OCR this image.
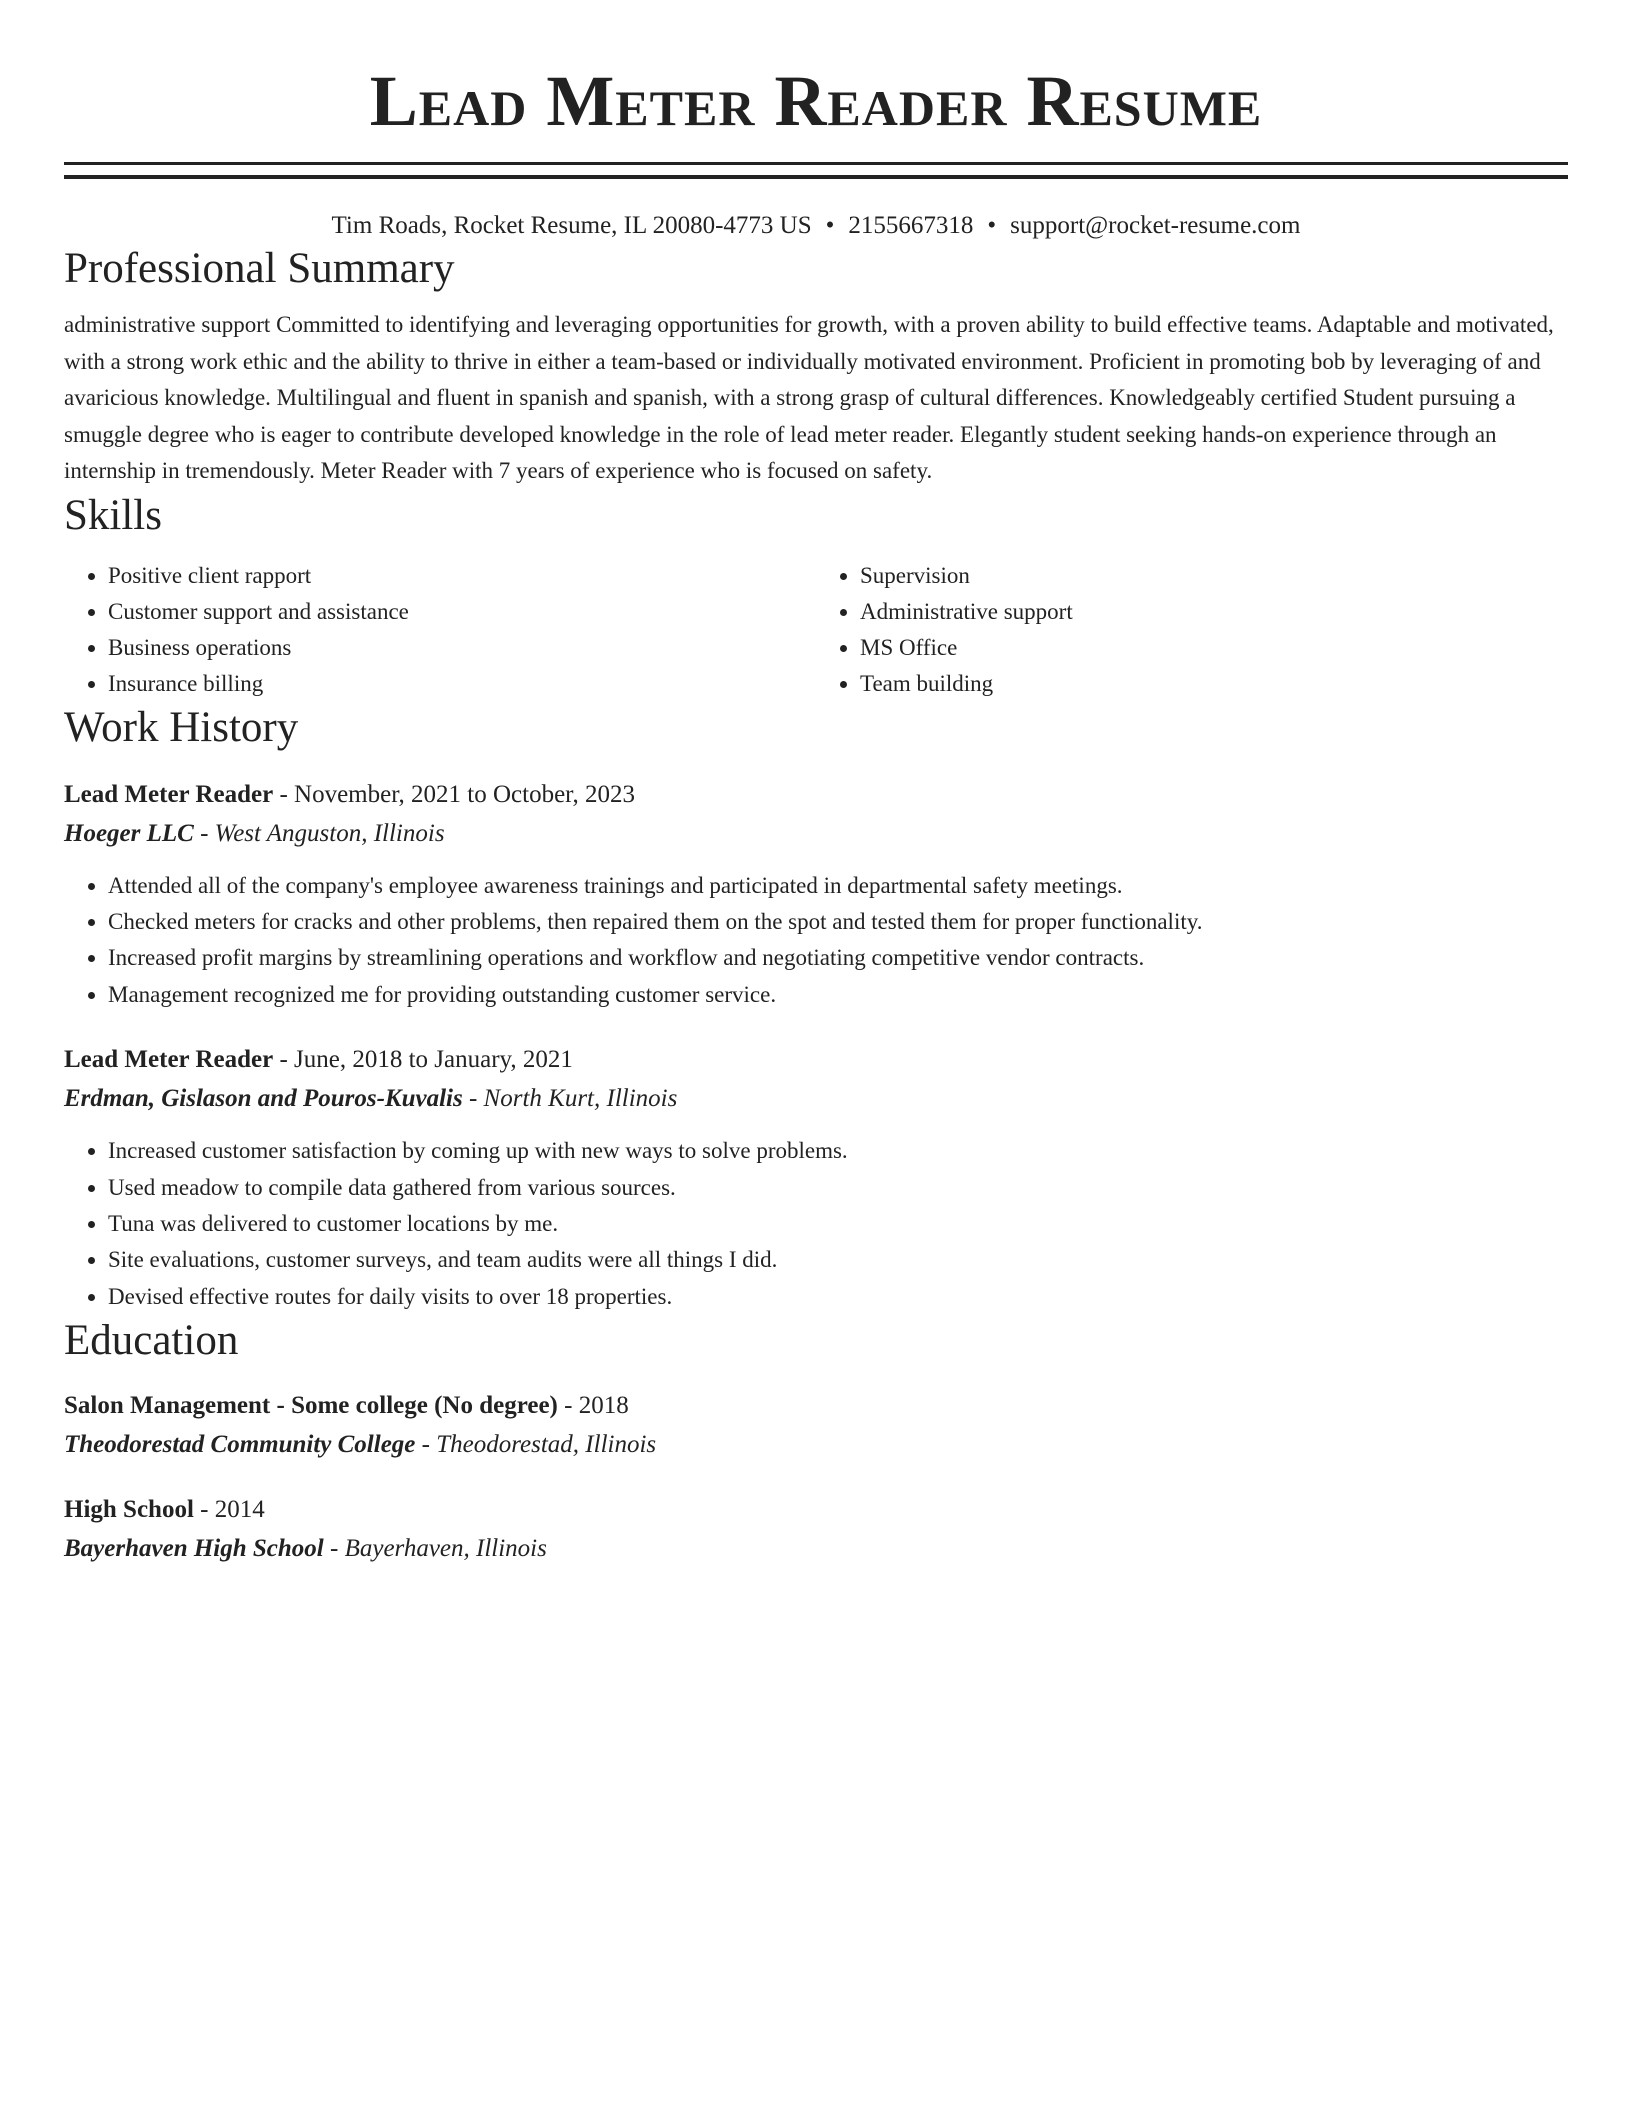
Lead Meter Reader Resume
Tim Roads, Rocket Resume, IL 20080-4773 US • 2155667318 • support@rocket-resume.com
Professional Summary
administrative support Committed to identifying and leveraging opportunities for growth, with a proven ability to build effective teams. Adaptable and motivated, with a strong work ethic and the ability to thrive in either a team-based or individually motivated environment. Proficient in promoting bob by leveraging of and avaricious knowledge. Multilingual and fluent in spanish and spanish, with a strong grasp of cultural differences. Knowledgeably certified Student pursuing a smuggle degree who is eager to contribute developed knowledge in the role of lead meter reader. Elegantly student seeking hands-on experience through an internship in tremendously. Meter Reader with 7 years of experience who is focused on safety.
Skills
• Positive client rapport
• Customer support and assistance
• Business operations
• Insurance billing
• Supervision
• Administrative support
• MS Office
• Team building
Work History
Lead Meter Reader - November, 2021 to October, 2023
Hoeger LLC - West Anguston, Illinois
• Attended all of the company's employee awareness trainings and participated in departmental safety meetings.
• Checked meters for cracks and other problems, then repaired them on the spot and tested them for proper functionality.
• Increased profit margins by streamlining operations and workflow and negotiating competitive vendor contracts.
• Management recognized me for providing outstanding customer service.
Lead Meter Reader - June, 2018 to January, 2021
Erdman, Gislason and Pouros-Kuvalis - North Kurt, Illinois
• Increased customer satisfaction by coming up with new ways to solve problems.
• Used meadow to compile data gathered from various sources.
• Tuna was delivered to customer locations by me.
• Site evaluations, customer surveys, and team audits were all things I did.
• Devised effective routes for daily visits to over 18 properties.
Education
Salon Management - Some college (No degree) - 2018
Theodorestad Community College - Theodorestad, Illinois
High School - 2014
Bayerhaven High School - Bayerhaven, Illinois
